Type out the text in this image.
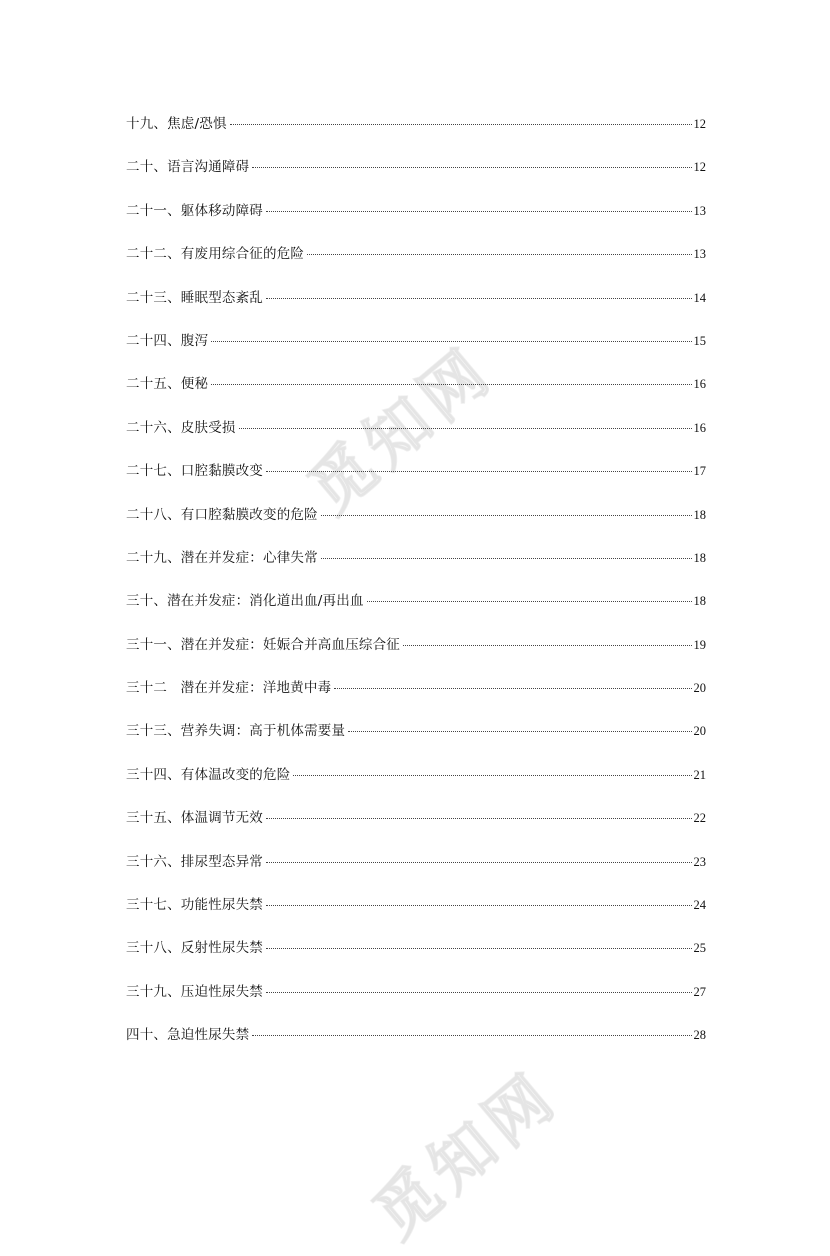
觅知网
觅知网
十九、焦虑/恐惧	12
二十、语言沟通障碍	12
二十一、躯体移动障碍	13
二十二、有废用综合征的危险	13
二十三、睡眠型态紊乱	14
二十四、腹泻	15
二十五、便秘	16
二十六、皮肤受损	16
二十七、口腔黏膜改变	17
二十八、有口腔黏膜改变的危险	18
二十九、潜在并发症：心律失常	18
三十、潜在并发症：消化道出血/再出血	18
三十一、潜在并发症：妊娠合并高血压综合征	19
三十二   潜在并发症：洋地黄中毒	20
三十三、营养失调：高于机体需要量	20
三十四、有体温改变的危险	21
三十五、体温调节无效	22
三十六、排尿型态异常	23
三十七、功能性尿失禁	24
三十八、反射性尿失禁	25
三十九、压迫性尿失禁	27
四十、急迫性尿失禁	28
